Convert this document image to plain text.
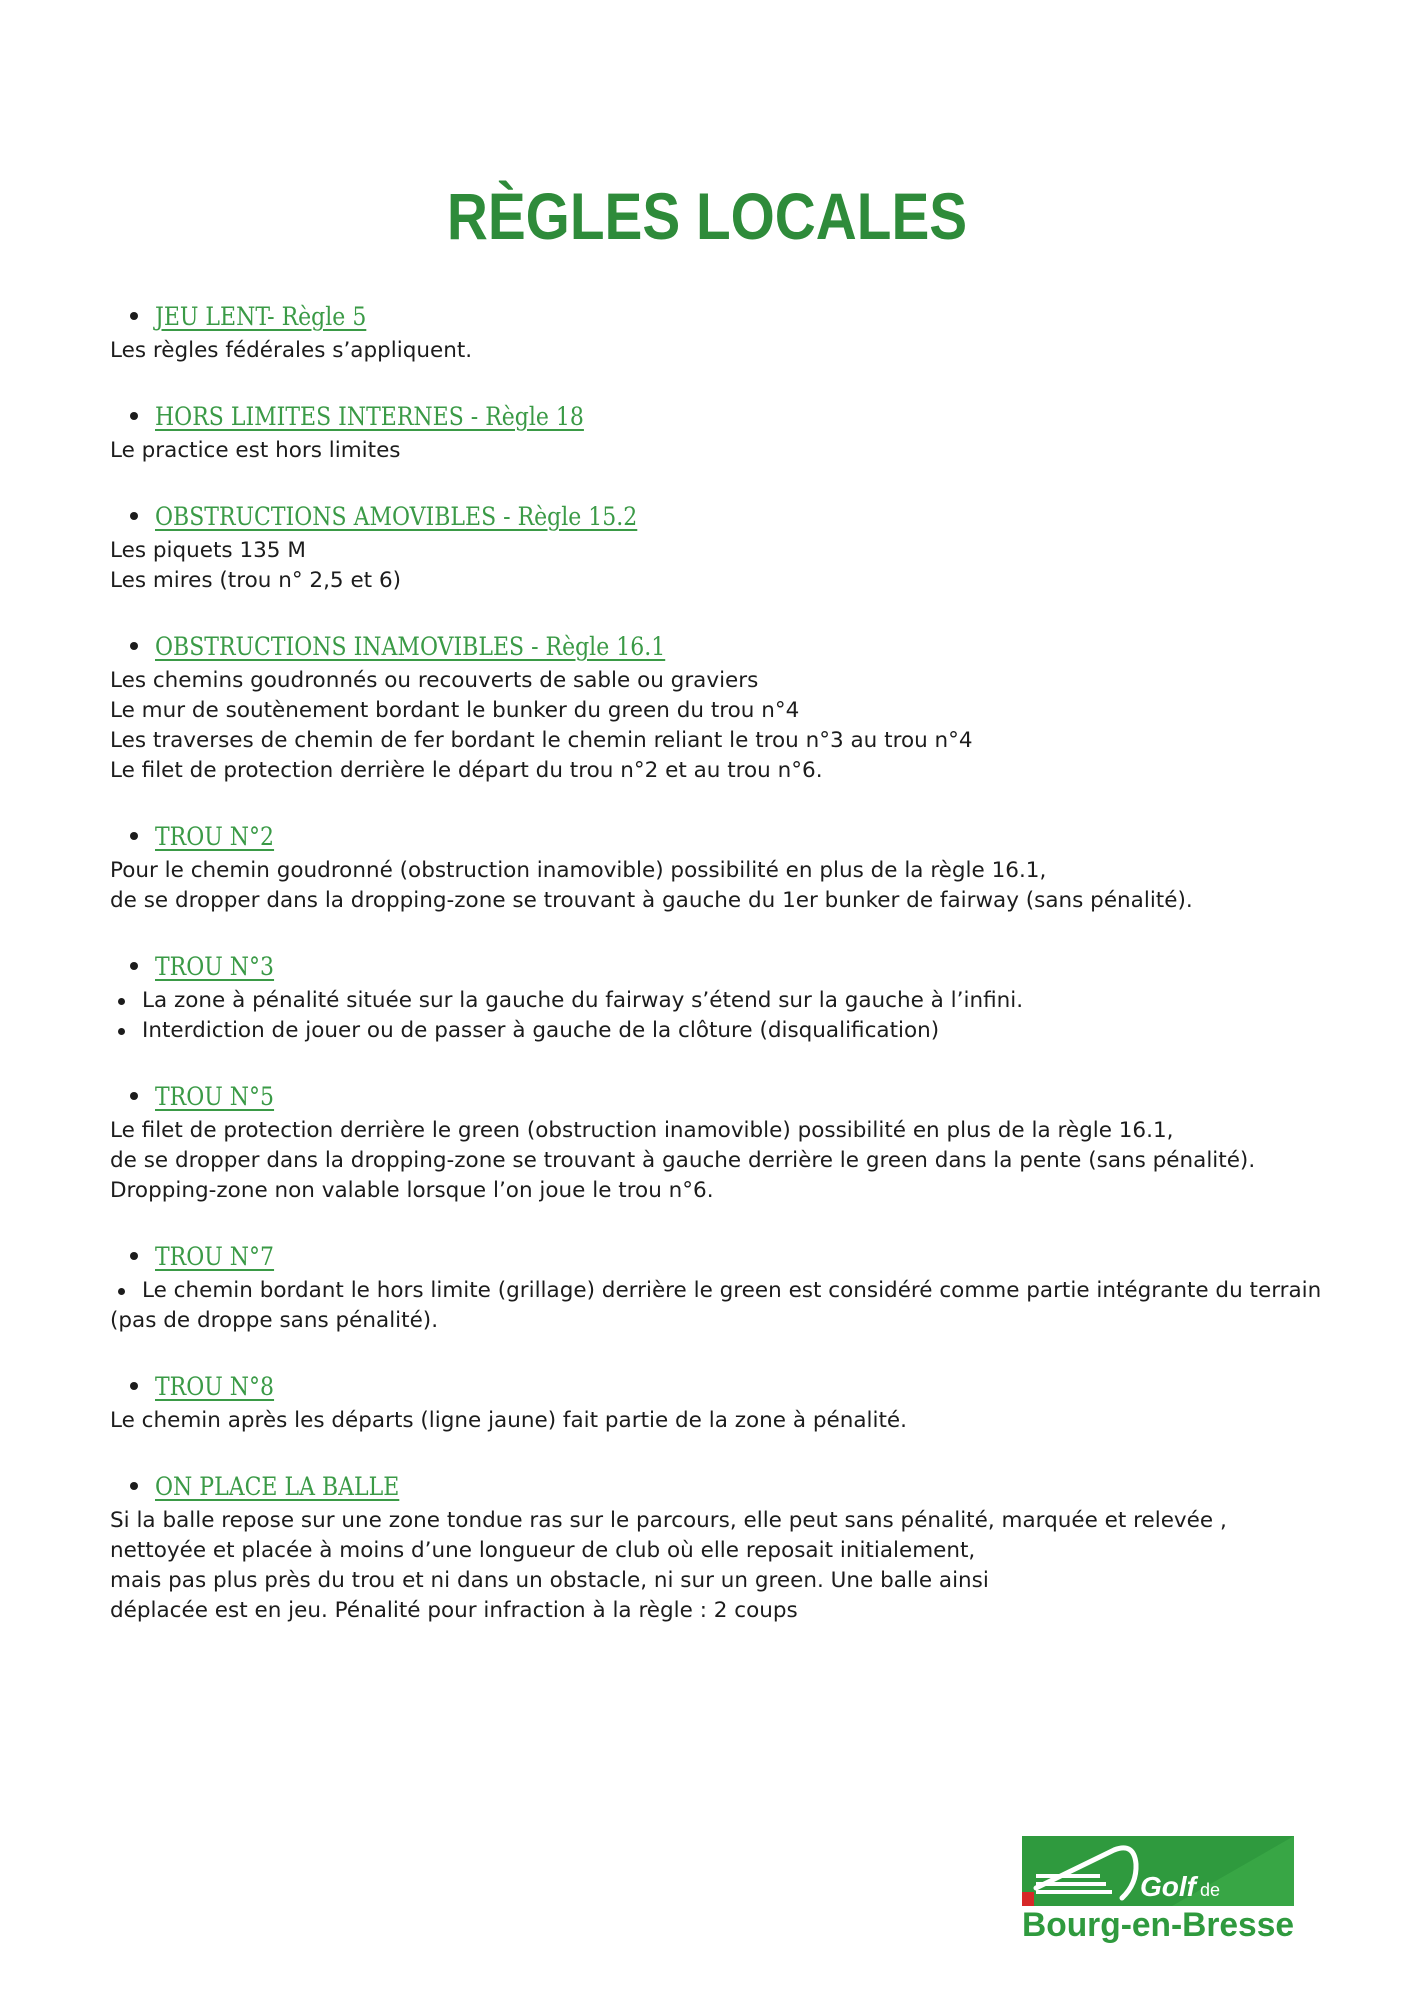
RÈGLES LOCALES
JEU LENT- Règle 5
Les règles fédérales s’appliquent.
HORS LIMITES INTERNES - Règle 18
Le practice est hors limites
OBSTRUCTIONS AMOVIBLES - Règle 15.2
Les piquets 135 M
Les mires (trou n° 2,5 et 6)
OBSTRUCTIONS INAMOVIBLES - Règle 16.1
Les chemins goudronnés ou recouverts de sable ou graviers
Le mur de soutènement bordant le bunker du green du trou n°4
Les traverses de chemin de fer bordant le chemin reliant le trou n°3 au trou n°4
Le filet de protection derrière le départ du trou n°2 et au trou n°6.
TROU N°2
Pour le chemin goudronné (obstruction inamovible) possibilité en plus de la règle 16.1,
de se dropper dans la dropping-zone se trouvant à gauche du 1er bunker de fairway (sans pénalité).
TROU N°3
La zone à pénalité située sur la gauche du fairway s’étend sur la gauche à l’infini.
Interdiction de jouer ou de passer à gauche de la clôture (disqualification)
TROU N°5
Le filet de protection derrière le green (obstruction inamovible) possibilité en plus de la règle 16.1,
de se dropper dans la dropping-zone se trouvant à gauche derrière le green dans la pente (sans pénalité).
Dropping-zone non valable lorsque l’on joue le trou n°6.
TROU N°7
Le chemin bordant le hors limite (grillage) derrière le green est considéré comme partie intégrante du terrain
(pas de droppe sans pénalité).
TROU N°8
Le chemin après les départs (ligne jaune) fait partie de la zone à pénalité.
ON PLACE LA BALLE
Si la balle repose sur une zone tondue ras sur le parcours, elle peut sans pénalité, marquée et relevée ,
nettoyée et placée à moins d’une longueur de club où elle reposait initialement,
mais pas plus près du trou et ni dans un obstacle, ni sur un green. Une balle ainsi
déplacée est en jeu. Pénalité pour infraction à la règle : 2 coups
Golf de
Bourg-en-Bresse
